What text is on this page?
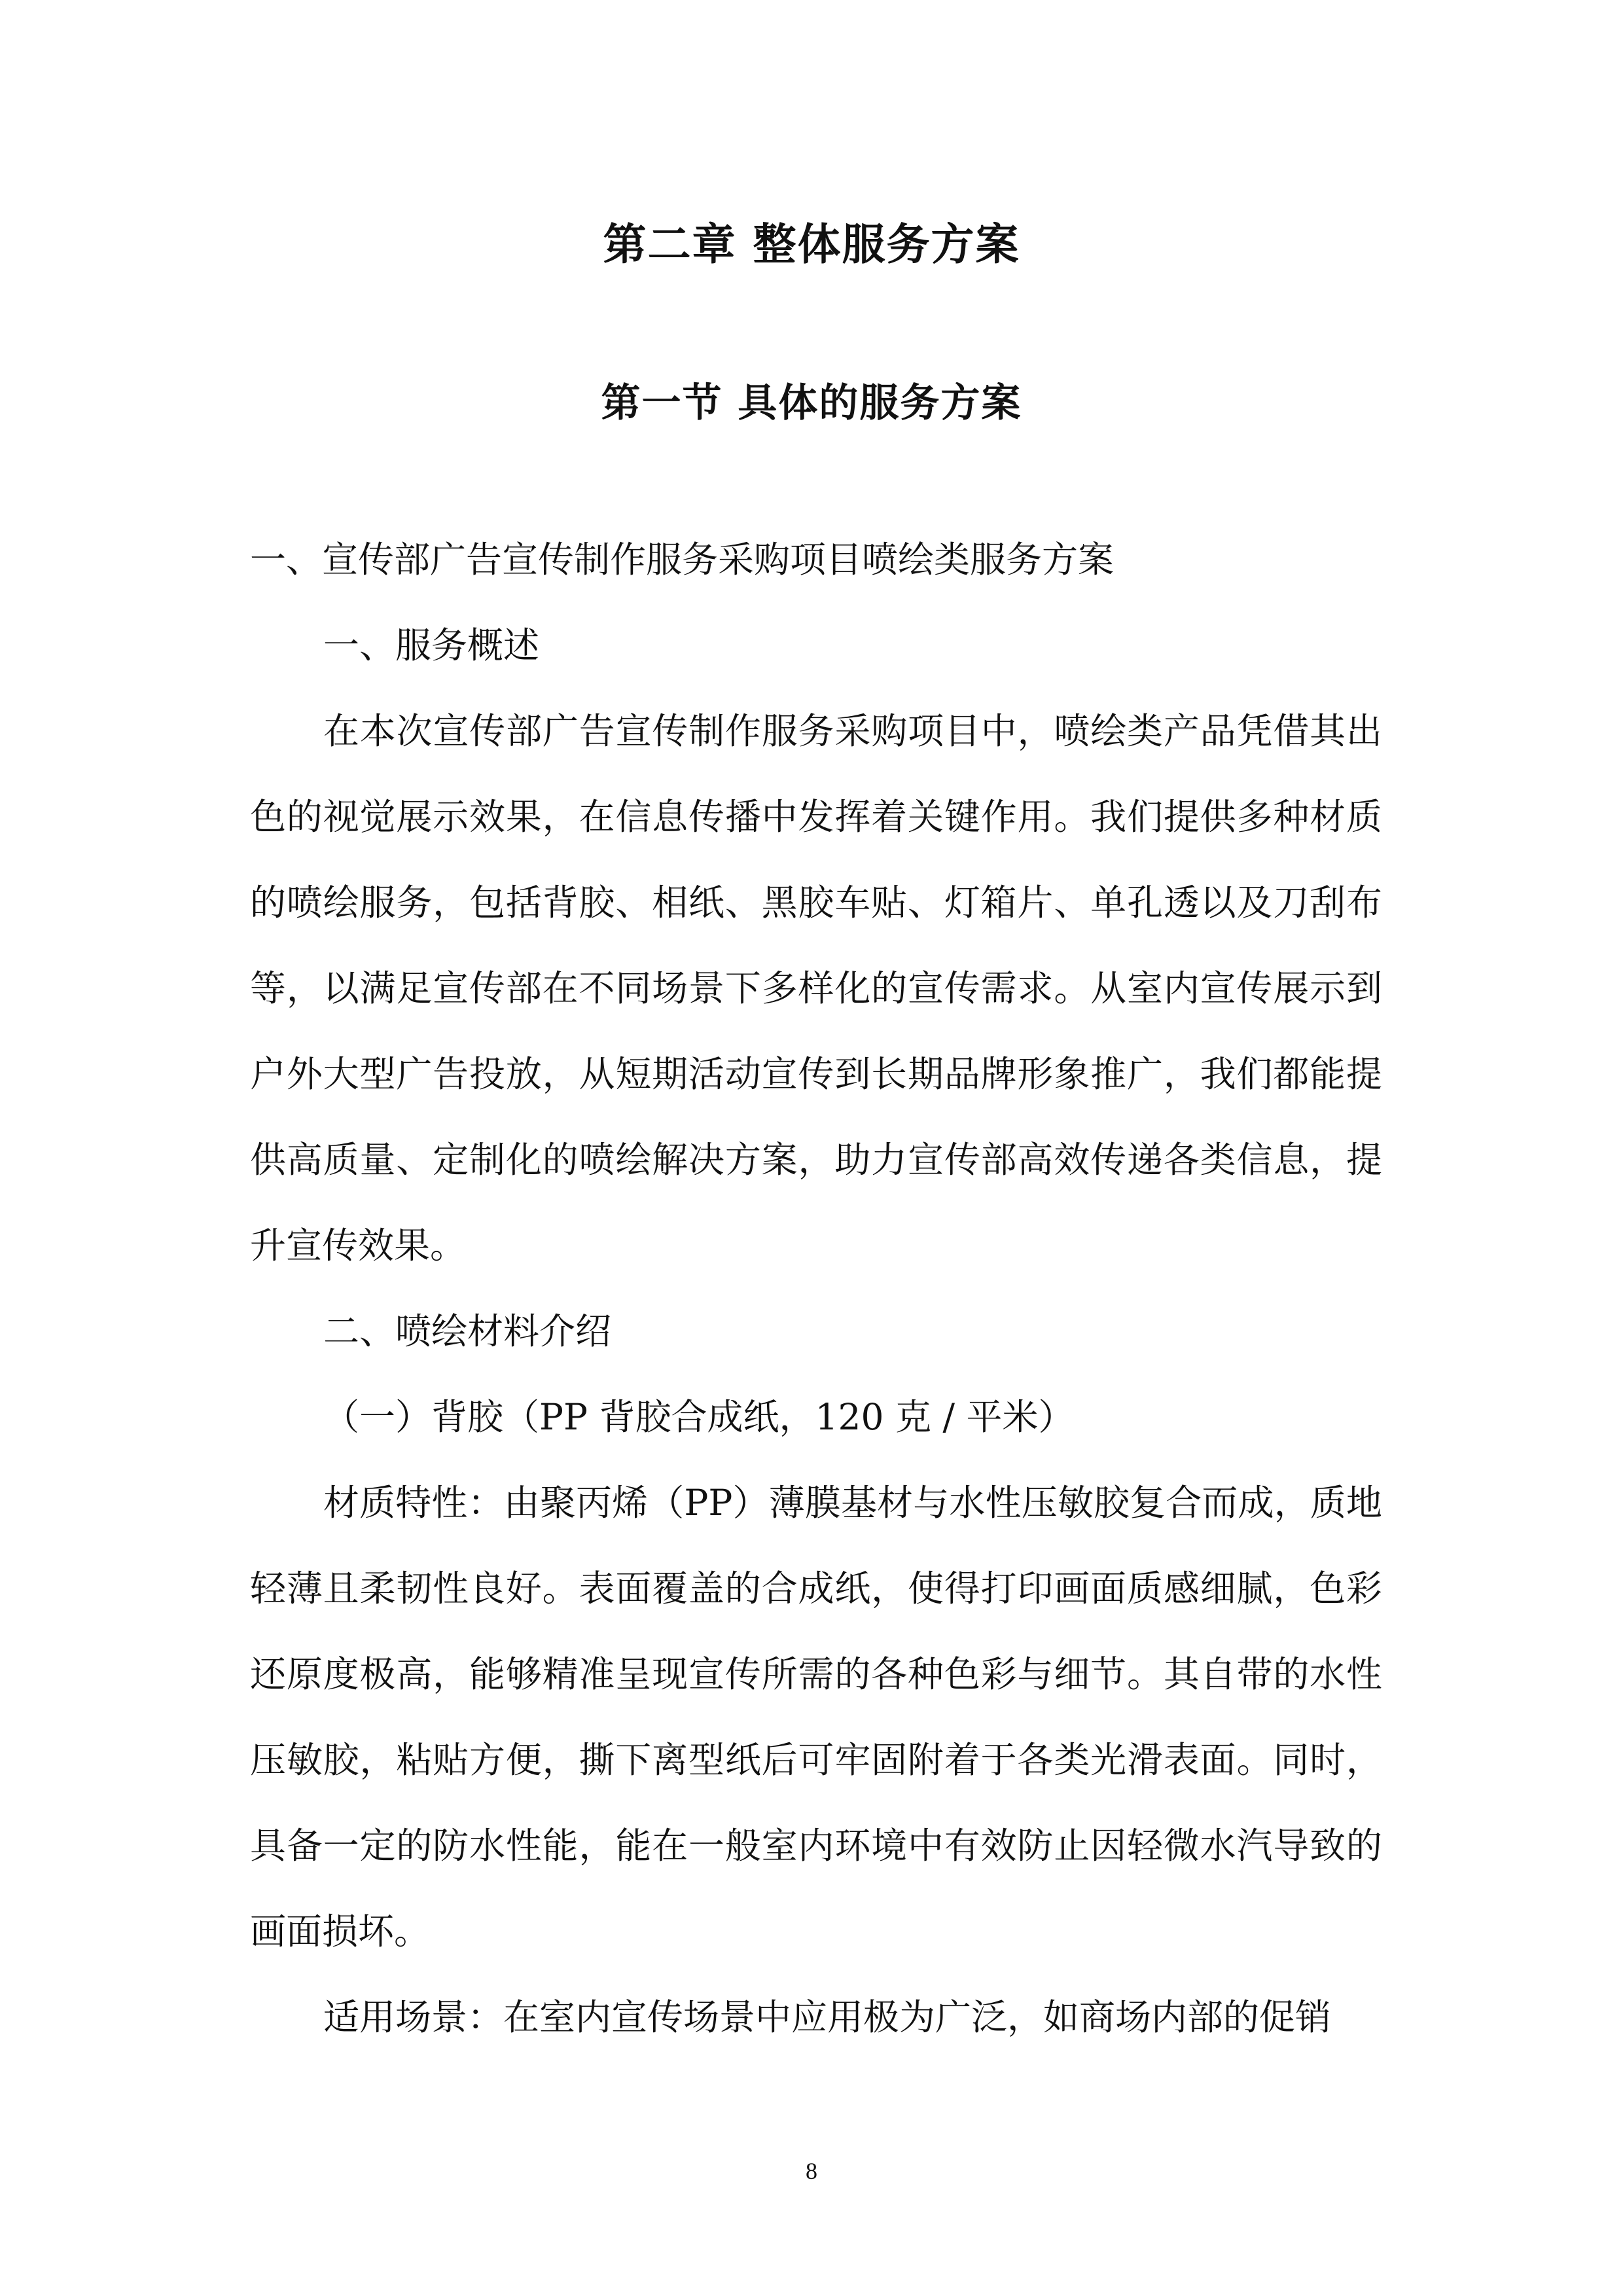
第二章 整体服务方案
第一节 具体的服务方案

一、宣传部广告宣传制作服务采购项目喷绘类服务方案

一、服务概述

在本次宣传部广告宣传制作服务采购项目中，喷绘类产品凭借其出色的视觉展示效果，在信息传播中发挥着关键作用。我们提供多种材质的喷绘服务，包括背胶、相纸、黑胶车贴、灯箱片、单孔透以及刀刮布等，以满足宣传部在不同场景下多样化的宣传需求。从室内宣传展示到户外大型广告投放，从短期活动宣传到长期品牌形象推广，我们都能提供高质量、定制化的喷绘解决方案，助力宣传部高效传递各类信息，提升宣传效果。

二、喷绘材料介绍

（一）背胶（PP 背胶合成纸，120 克 / 平米）

材质特性：由聚丙烯（PP）薄膜基材与水性压敏胶复合而成，质地轻薄且柔韧性良好。表面覆盖的合成纸，使得打印画面质感细腻，色彩还原度极高，能够精准呈现宣传所需的各种色彩与细节。其自带的水性压敏胶，粘贴方便，撕下离型纸后可牢固附着于各类光滑表面。同时，具备一定的防水性能，能在一般室内环境中有效防止因轻微水汽导致的画面损坏。

适用场景：在室内宣传场景中应用极为广泛，如商场内部的促销

8
